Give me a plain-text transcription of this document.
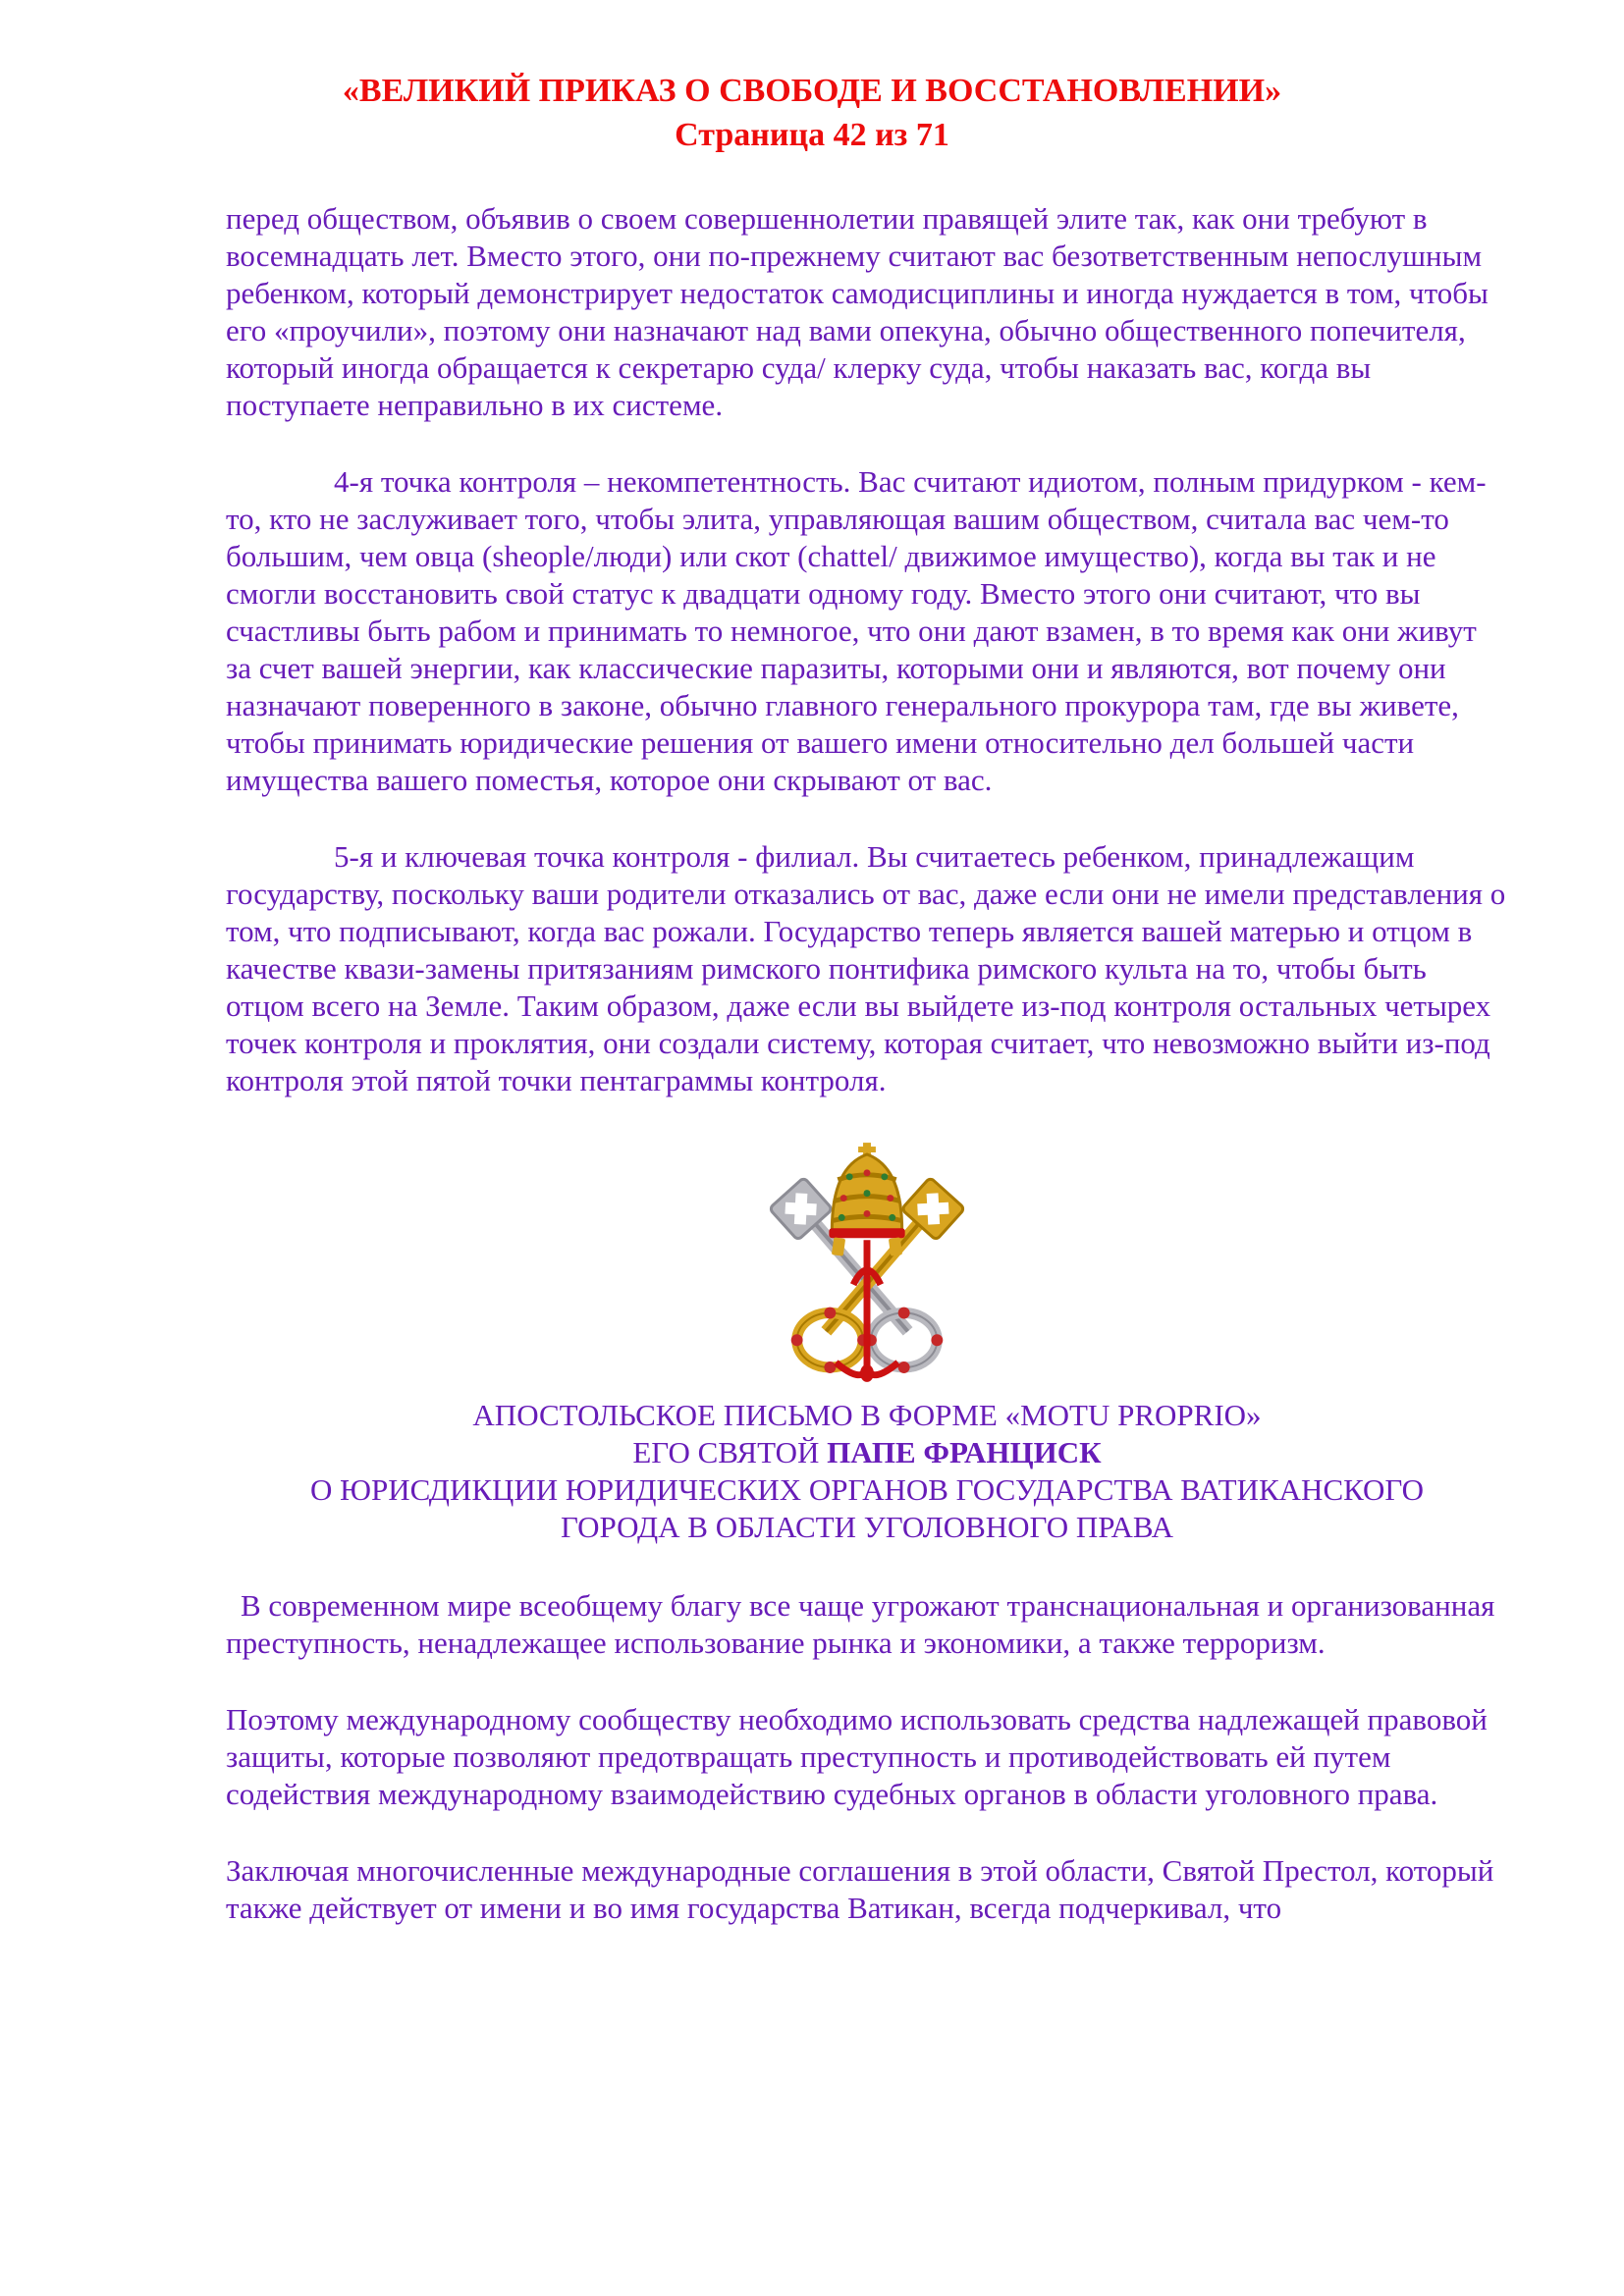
«ВЕЛИКИЙ ПРИКАЗ О СВОБОДЕ И ВОССТАНОВЛЕНИИ»
Страница 42 из 71

перед обществом, объявив о своем совершеннолетии правящей элите так, как они требуют в восемнадцать лет. Вместо этого, они по-прежнему считают вас безответственным непослушным ребенком, который демонстрирует недостаток самодисциплины и иногда нуждается в том, чтобы его «проучили», поэтому они назначают над вами опекуна, обычно общественного попечителя, который иногда обращается к секретарю суда/ клерку суда, чтобы наказать вас, когда вы поступаете неправильно в их системе.

4-я точка контроля – некомпетентность. Вас считают идиотом, полным придурком - кем-то, кто не заслуживает того, чтобы элита, управляющая вашим обществом, считала вас чем-то большим, чем овца (sheople/люди) или скот (chattel/ движимое имущество), когда вы так и не смогли восстановить свой статус к двадцати одному году. Вместо этого они считают, что вы счастливы быть рабом и принимать то немногое, что они дают взамен, в то время как они живут за счет вашей энергии, как классические паразиты, которыми они и являются, вот почему они назначают поверенного в законе, обычно главного генерального прокурора там, где вы живете, чтобы принимать юридические решения от вашего имени относительно дел большей части имущества вашего поместья, которое они скрывают от вас.

5-я и ключевая точка контроля - филиал. Вы считаетесь ребенком, принадлежащим государству, поскольку ваши родители отказались от вас, даже если они не имели представления о том, что подписывают, когда вас рожали. Государство теперь является вашей матерью и отцом в качестве квази-замены притязаниям римского понтифика римского культа на то, чтобы быть отцом всего на Земле. Таким образом, даже если вы выйдете из-под контроля остальных четырех точек контроля и проклятия, они создали систему, которая считает, что невозможно выйти из-под контроля этой пятой точки пентаграммы контроля.

АПОСТОЛЬСКОЕ ПИСЬМО В ФОРМЕ «MOTU PROPRIO»
ЕГО СВЯТОЙ ПАПЕ ФРАНЦИСК
О ЮРИСДИКЦИИ ЮРИДИЧЕСКИХ ОРГАНОВ ГОСУДАРСТВА ВАТИКАНСКОГО
ГОРОДА В ОБЛАСТИ УГОЛОВНОГО ПРАВА

В современном мире всеобщему благу все чаще угрожают транснациональная и организованная преступность, ненадлежащее использование рынка и экономики, а также терроризм.

Поэтому международному сообществу необходимо использовать средства надлежащей правовой защиты, которые позволяют предотвращать преступность и противодействовать ей путем содействия международному взаимодействию судебных органов в области уголовного права.

Заключая многочисленные международные соглашения в этой области, Святой Престол, который также действует от имени и во имя государства Ватикан, всегда подчеркивал, что
